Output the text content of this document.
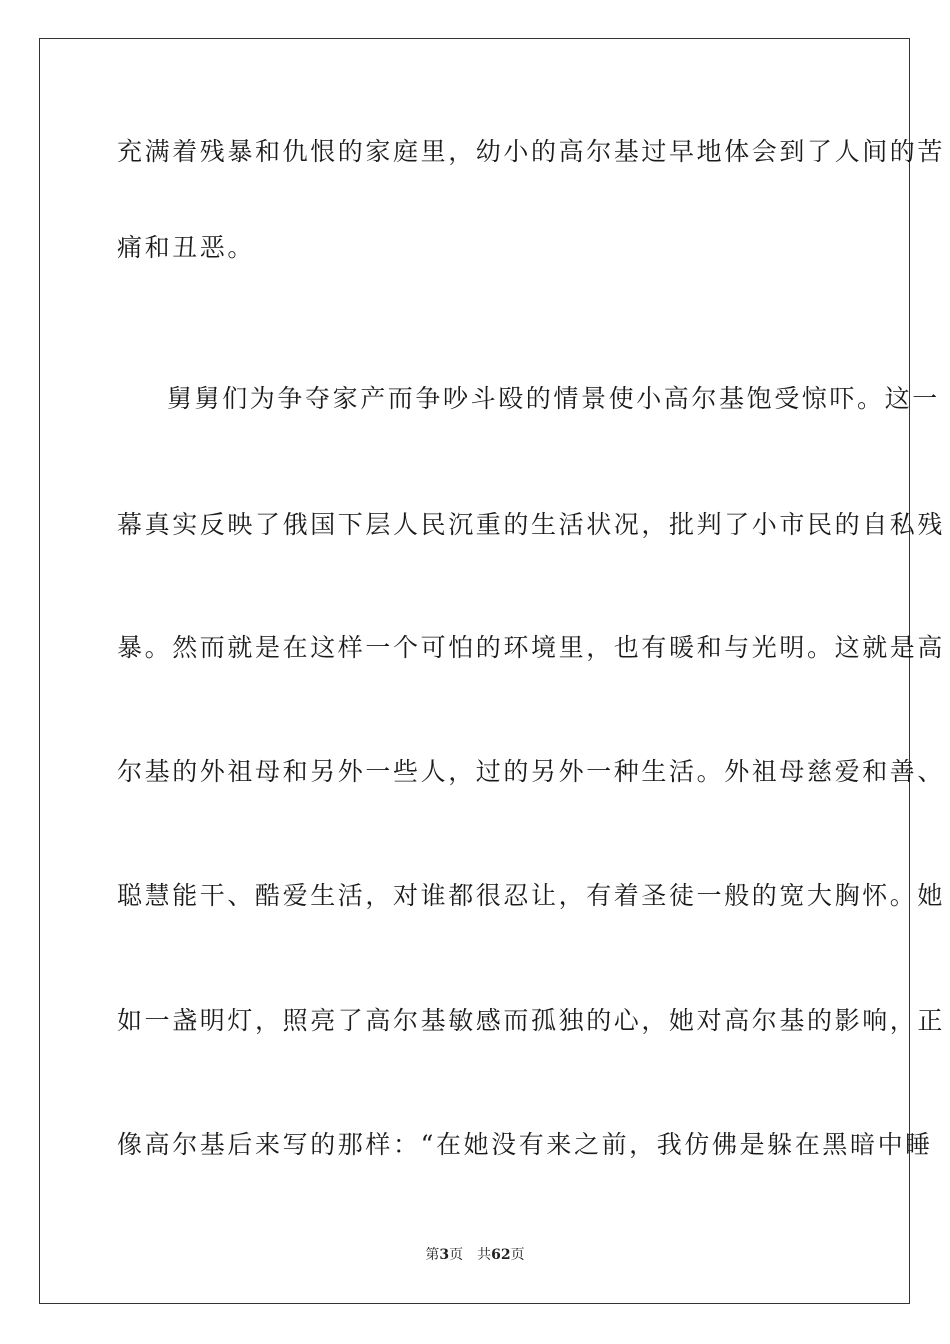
充满着残暴和仇恨的家庭里，幼小的高尔基过早地体会到了人间的苦
痛和丑恶。
舅舅们为争夺家产而争吵斗殴的情景使小高尔基饱受惊吓。这一
幕真实反映了俄国下层人民沉重的生活状况，批判了小市民的自私残
暴。然而就是在这样一个可怕的环境里，也有暖和与光明。这就是高
尔基的外祖母和另外一些人，过的另外一种生活。外祖母慈爱和善、
聪慧能干、酷爱生活，对谁都很忍让，有着圣徒一般的宽大胸怀。她
如一盏明灯，照亮了高尔基敏感而孤独的心，她对高尔基的影响，正
像高尔基后来写的那样：“在她没有来之前，我仿佛是躲在黑暗中睡
第3页 共62页
